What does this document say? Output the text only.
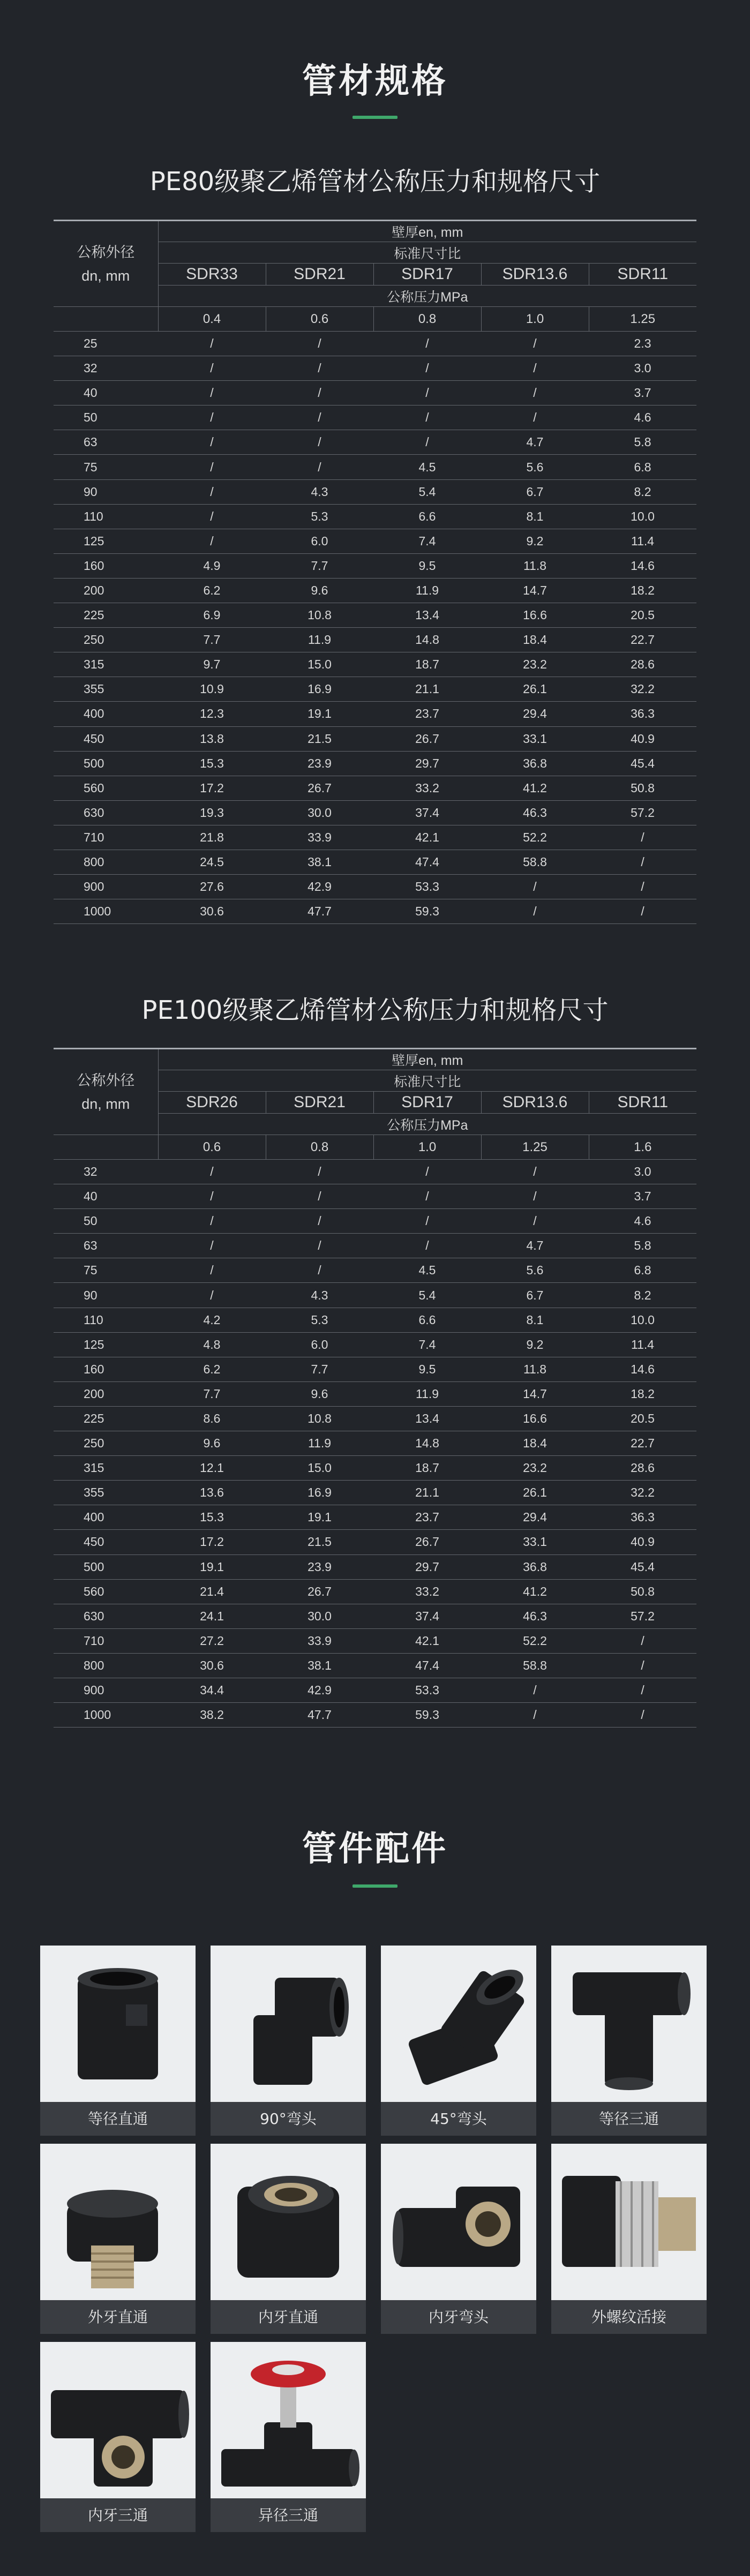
管材规格
PE80级聚乙烯管材公称压力和规格尺寸
公称外径
dn, mm	壁厚en, mm				
	标准尺寸比				
	SDR33	SDR21	SDR17	SDR13.6	SDR11
	公称压力MPa				
	0.4	0.6	0.8	1.0	1.25
25	/	/	/	/	2.3
32	/	/	/	/	3.0
40	/	/	/	/	3.7
50	/	/	/	/	4.6
63	/	/	/	4.7	5.8
75	/	/	4.5	5.6	6.8
90	/	4.3	5.4	6.7	8.2
110	/	5.3	6.6	8.1	10.0
125	/	6.0	7.4	9.2	11.4
160	4.9	7.7	9.5	11.8	14.6
200	6.2	9.6	11.9	14.7	18.2
225	6.9	10.8	13.4	16.6	20.5
250	7.7	11.9	14.8	18.4	22.7
315	9.7	15.0	18.7	23.2	28.6
355	10.9	16.9	21.1	26.1	32.2
400	12.3	19.1	23.7	29.4	36.3
450	13.8	21.5	26.7	33.1	40.9
500	15.3	23.9	29.7	36.8	45.4
560	17.2	26.7	33.2	41.2	50.8
630	19.3	30.0	37.4	46.3	57.2
710	21.8	33.9	42.1	52.2	/
800	24.5	38.1	47.4	58.8	/
900	27.6	42.9	53.3	/	/
1000	30.6	47.7	59.3	/	/
PE100级聚乙烯管材公称压力和规格尺寸
公称外径
dn, mm	壁厚en, mm				
	标准尺寸比				
	SDR26	SDR21	SDR17	SDR13.6	SDR11
	公称压力MPa				
	0.6	0.8	1.0	1.25	1.6
32	/	/	/	/	3.0
40	/	/	/	/	3.7
50	/	/	/	/	4.6
63	/	/	/	4.7	5.8
75	/	/	4.5	5.6	6.8
90	/	4.3	5.4	6.7	8.2
110	4.2	5.3	6.6	8.1	10.0
125	4.8	6.0	7.4	9.2	11.4
160	6.2	7.7	9.5	11.8	14.6
200	7.7	9.6	11.9	14.7	18.2
225	8.6	10.8	13.4	16.6	20.5
250	9.6	11.9	14.8	18.4	22.7
315	12.1	15.0	18.7	23.2	28.6
355	13.6	16.9	21.1	26.1	32.2
400	15.3	19.1	23.7	29.4	36.3
450	17.2	21.5	26.7	33.1	40.9
500	19.1	23.9	29.7	36.8	45.4
560	21.4	26.7	33.2	41.2	50.8
630	24.1	30.0	37.4	46.3	57.2
710	27.2	33.9	42.1	52.2	/
800	30.6	38.1	47.4	58.8	/
900	34.4	42.9	53.3	/	/
1000	38.2	47.7	59.3	/	/
管件配件
等径直通	90°弯头	45°弯头	等径三通
外牙直通	内牙直通	内牙弯头	外螺纹活接
内牙三通	异径三通
